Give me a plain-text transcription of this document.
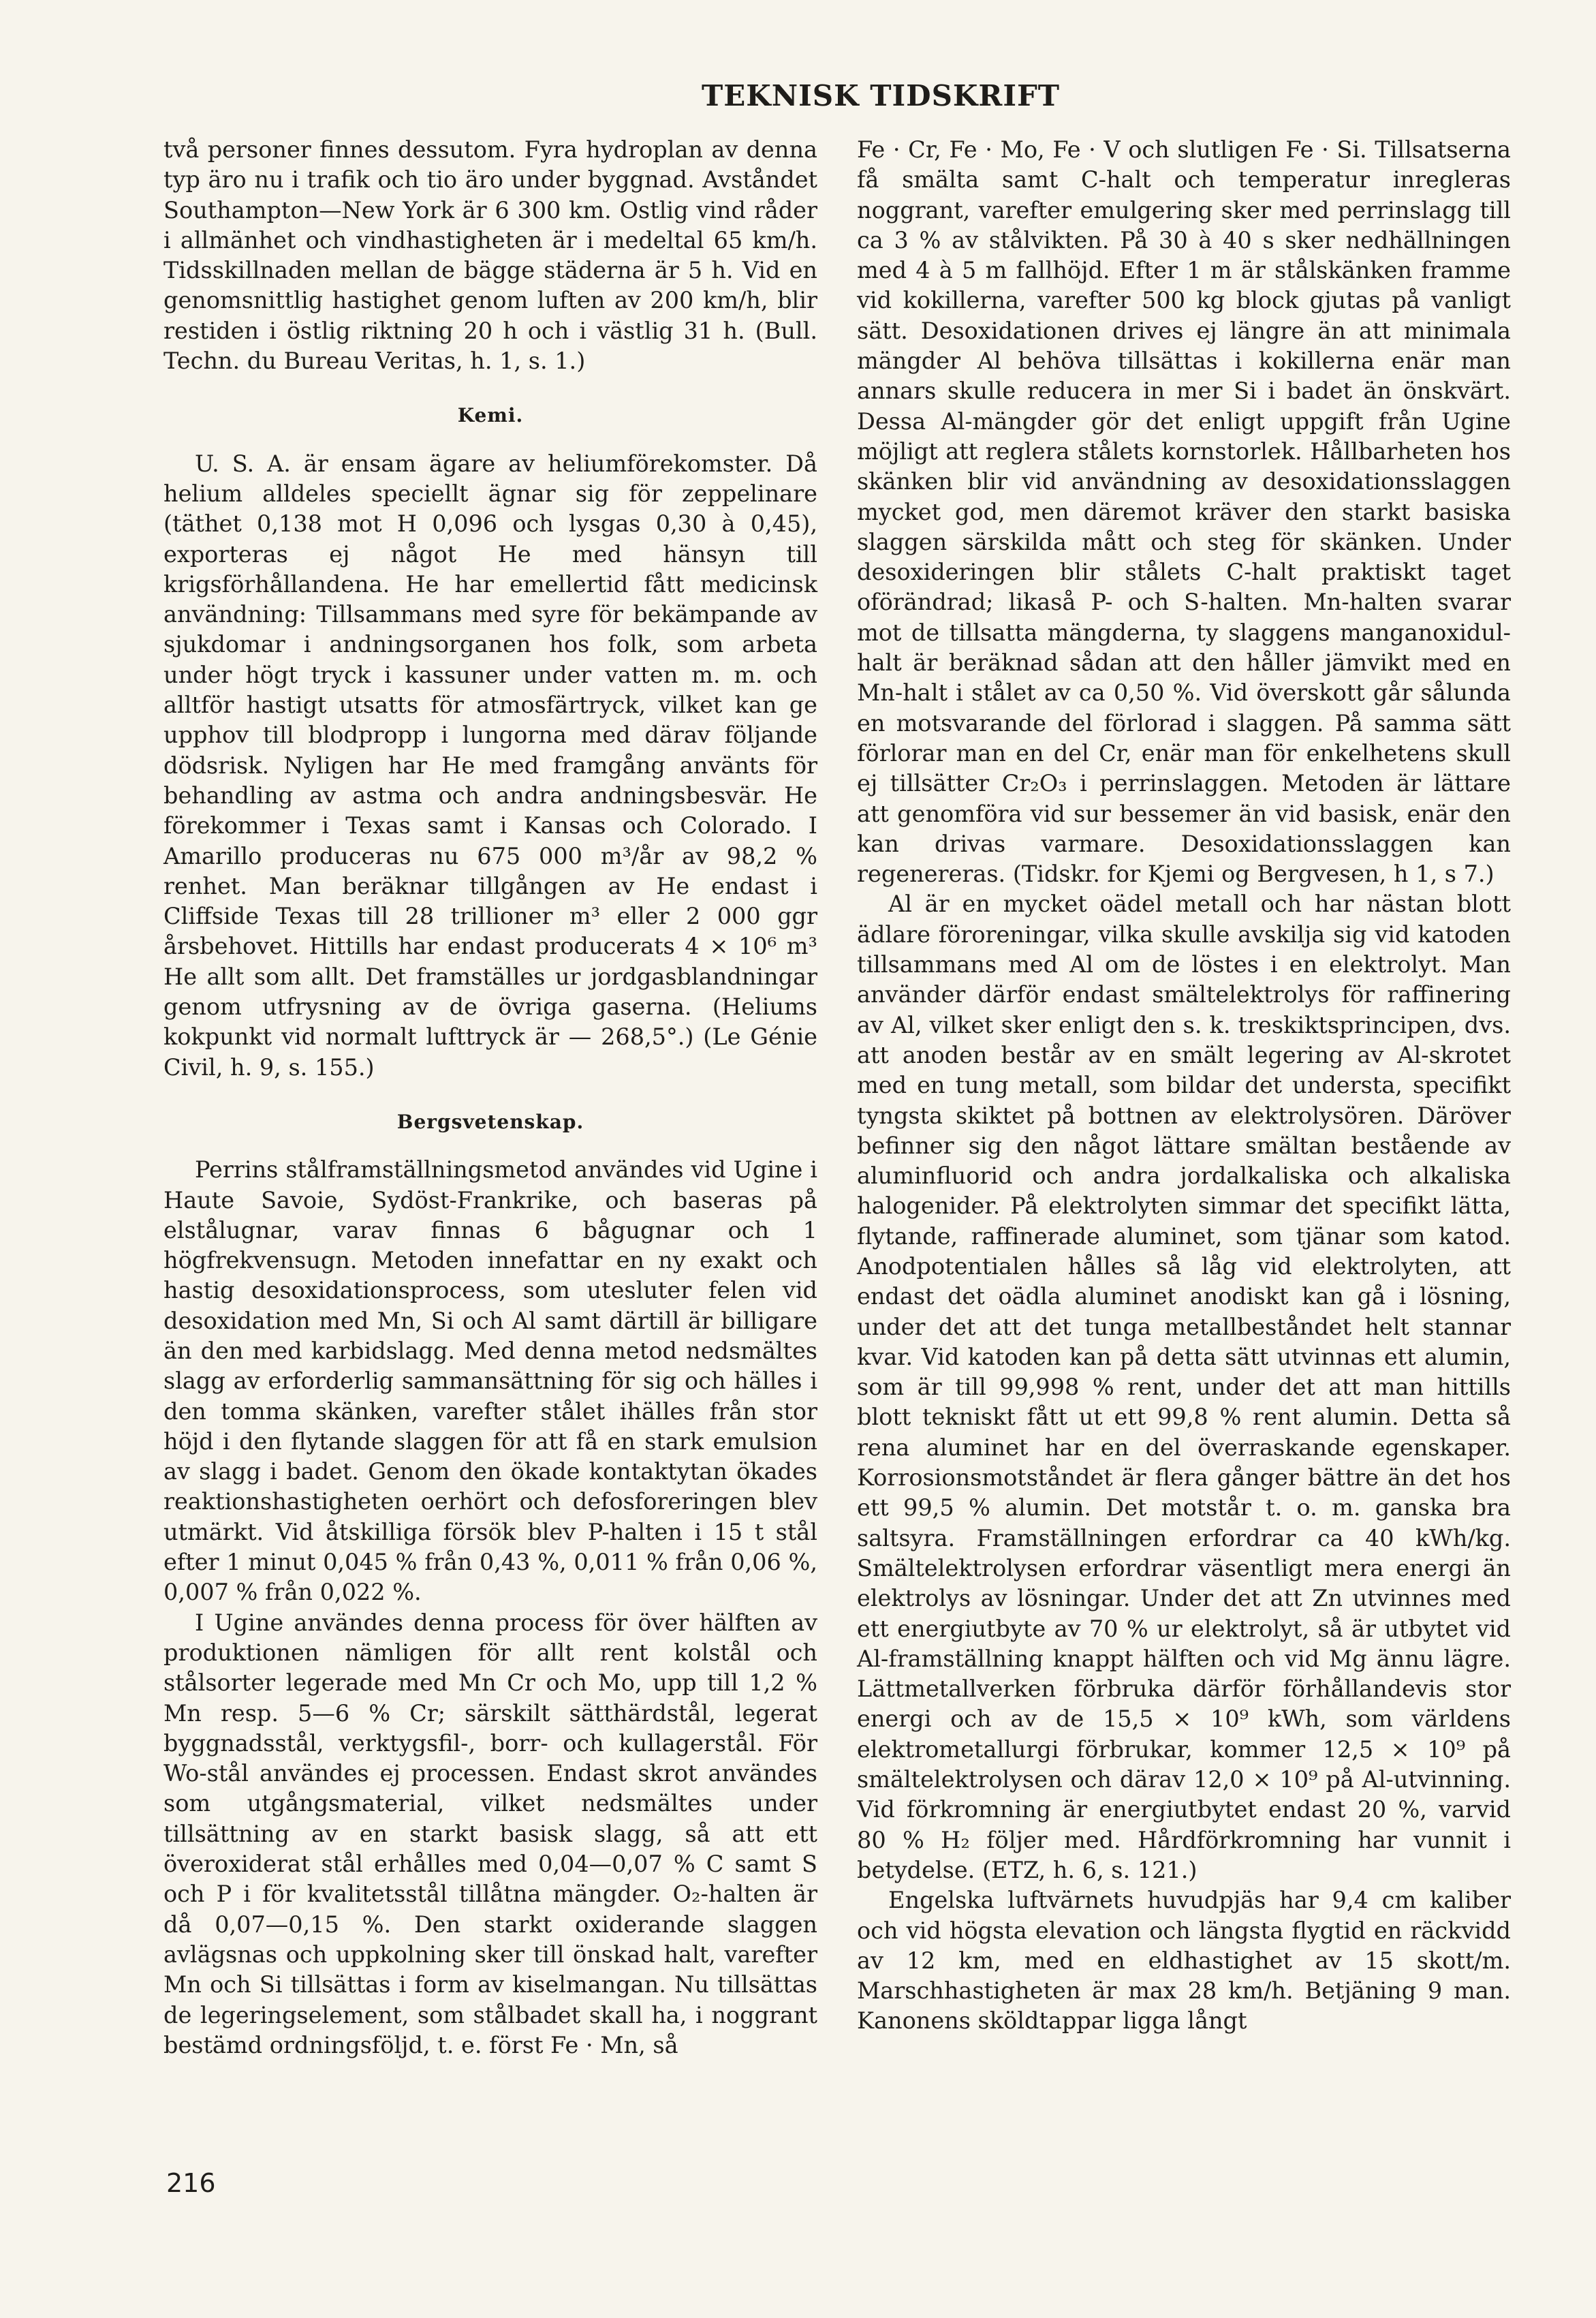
TEKNISK TIDSKRIFT

två personer finnes dessutom. Fyra hydroplan av denna typ äro nu i trafik och tio äro under byggnad. Avståndet Southampton—New York är 6 300 km. Ostlig vind råder i allmänhet och vindhastigheten är i medeltal 65 km/h. Tidsskillnaden mellan de bägge städerna är 5 h. Vid en genomsnittlig hastighet genom luften av 200 km/h, blir restiden i östlig riktning 20 h och i västlig 31 h. (Bull. Techn. du Bureau Veritas, h. 1, s. 1.)

Kemi.

U. S. A. är ensam ägare av heliumförekomster. Då helium alldeles speciellt ägnar sig för zeppelinare (täthet 0,138 mot H 0,096 och lysgas 0,30 à 0,45), exporteras ej något He med hänsyn till krigsförhållandena. He har emellertid fått medicinsk användning: Tillsammans med syre för bekämpande av sjukdomar i andningsorganen hos folk, som arbeta under högt tryck i kassuner under vatten m. m. och alltför hastigt utsatts för atmosfärtryck, vilket kan ge upphov till blodpropp i lungorna med därav följande dödsrisk. Nyligen har He med framgång använts för behandling av astma och andra andningsbesvär. He förekommer i Texas samt i Kansas och Colorado. I Amarillo produceras nu 675 000 m³/år av 98,2 % renhet. Man beräknar tillgången av He endast i Cliffside Texas till 28 trillioner m³ eller 2 000 ggr årsbehovet. Hittills har endast producerats 4 × 10⁶ m³ He allt som allt. Det framställes ur jordgasblandningar genom utfrysning av de övriga gaserna. (Heliums kokpunkt vid normalt lufttryck är — 268,5°.) (Le Génie Civil, h. 9, s. 155.)

Bergsvetenskap.

Perrins stålframställningsmetod användes vid Ugine i Haute Savoie, Sydöst-Frankrike, och baseras på elstålugnar, varav finnas 6 bågugnar och 1 högfrekvensugn. Metoden innefattar en ny exakt och hastig desoxidationsprocess, som utesluter felen vid desoxidation med Mn, Si och Al samt därtill är billigare än den med karbidslagg. Med denna metod nedsmältes slagg av erforderlig sammansättning för sig och hälles i den tomma skänken, varefter stålet ihälles från stor höjd i den flytande slaggen för att få en stark emulsion av slagg i badet. Genom den ökade kontaktytan ökades reaktionshastigheten oerhört och defosforeringen blev utmärkt. Vid åtskilliga försök blev P-halten i 15 t stål efter 1 minut 0,045 % från 0,43 %, 0,011 % från 0,06 %, 0,007 % från 0,022 %.

I Ugine användes denna process för över hälften av produktionen nämligen för allt rent kolstål och stålsorter legerade med Mn Cr och Mo, upp till 1,2 % Mn resp. 5—6 % Cr; särskilt sätthärdstål, legerat byggnadsstål, verktygsfil-, borr- och kullagerstål. För Wo-stål användes ej processen. Endast skrot användes som utgångsmaterial, vilket nedsmältes under tillsättning av en starkt basisk slagg, så att ett överoxiderat stål erhålles med 0,04—0,07 % C samt S och P i för kvalitetsstål tillåtna mängder. O₂-halten är då 0,07—0,15 %. Den starkt oxiderande slaggen avlägsnas och uppkolning sker till önskad halt, varefter Mn och Si tillsättas i form av kiselmangan. Nu tillsättas de legeringselement, som stålbadet skall ha, i noggrant bestämd ordningsföljd, t. e. först Fe · Mn, så

Fe · Cr, Fe · Mo, Fe · V och slutligen Fe · Si. Tillsatserna få smälta samt C-halt och temperatur inregleras noggrant, varefter emulgering sker med perrinslagg till ca 3 % av stålvikten. På 30 à 40 s sker nedhällningen med 4 à 5 m fallhöjd. Efter 1 m är stålskänken framme vid kokillerna, varefter 500 kg block gjutas på vanligt sätt. Desoxidationen drives ej längre än att minimala mängder Al behöva tillsättas i kokillerna enär man annars skulle reducera in mer Si i badet än önskvärt. Dessa Al-mängder gör det enligt uppgift från Ugine möjligt att reglera stålets kornstorlek. Hållbarheten hos skänken blir vid användning av desoxidationsslaggen mycket god, men däremot kräver den starkt basiska slaggen särskilda mått och steg för skänken. Under desoxideringen blir stålets C-halt praktiskt taget oförändrad; likaså P- och S-halten. Mn-halten svarar mot de tillsatta mängderna, ty slaggens manganoxidul-halt är beräknad sådan att den håller jämvikt med en Mn-halt i stålet av ca 0,50 %. Vid överskott går sålunda en motsvarande del förlorad i slaggen. På samma sätt förlorar man en del Cr, enär man för enkelhetens skull ej tillsätter Cr₂O₃ i perrinslaggen. Metoden är lättare att genomföra vid sur bessemer än vid basisk, enär den kan drivas varmare. Desoxidationsslaggen kan regenereras. (Tidskr. for Kjemi og Bergvesen, h 1, s 7.)

Al är en mycket oädel metall och har nästan blott ädlare föroreningar, vilka skulle avskilja sig vid katoden tillsammans med Al om de löstes i en elektrolyt. Man använder därför endast smältelektrolys för raffinering av Al, vilket sker enligt den s. k. treskiktsprincipen, dvs. att anoden består av en smält legering av Al-skrotet med en tung metall, som bildar det understa, specifikt tyngsta skiktet på bottnen av elektrolysören. Däröver befinner sig den något lättare smältan bestående av aluminfluorid och andra jordalkaliska och alkaliska halogenider. På elektrolyten simmar det specifikt lätta, flytande, raffinerade aluminet, som tjänar som katod. Anodpotentialen hålles så låg vid elektrolyten, att endast det oädla aluminet anodiskt kan gå i lösning, under det att det tunga metallbeståndet helt stannar kvar. Vid katoden kan på detta sätt utvinnas ett alumin, som är till 99,998 % rent, under det att man hittills blott tekniskt fått ut ett 99,8 % rent alumin. Detta så rena aluminet har en del överraskande egenskaper. Korrosionsmotståndet är flera gånger bättre än det hos ett 99,5 % alumin. Det motstår t. o. m. ganska bra saltsyra. Framställningen erfordrar ca 40 kWh/kg. Smältelektrolysen erfordrar väsentligt mera energi än elektrolys av lösningar. Under det att Zn utvinnes med ett energiutbyte av 70 % ur elektrolyt, så är utbytet vid Al-framställning knappt hälften och vid Mg ännu lägre. Lättmetallverken förbruka därför förhållandevis stor energi och av de 15,5 × 10⁹ kWh, som världens elektrometallurgi förbrukar, kommer 12,5 × 10⁹ på smältelektrolysen och därav 12,0 × 10⁹ på Al-utvinning. Vid förkromning är energiutbytet endast 20 %, varvid 80 % H₂ följer med. Hårdförkromning har vunnit i betydelse. (ETZ, h. 6, s. 121.)

Engelska luftvärnets huvudpjäs har 9,4 cm kaliber och vid högsta elevation och längsta flygtid en räckvidd av 12 km, med en eldhastighet av 15 skott/m. Marschhastigheten är max 28 km/h. Betjäning 9 man. Kanonens sköldtappar ligga långt

216
